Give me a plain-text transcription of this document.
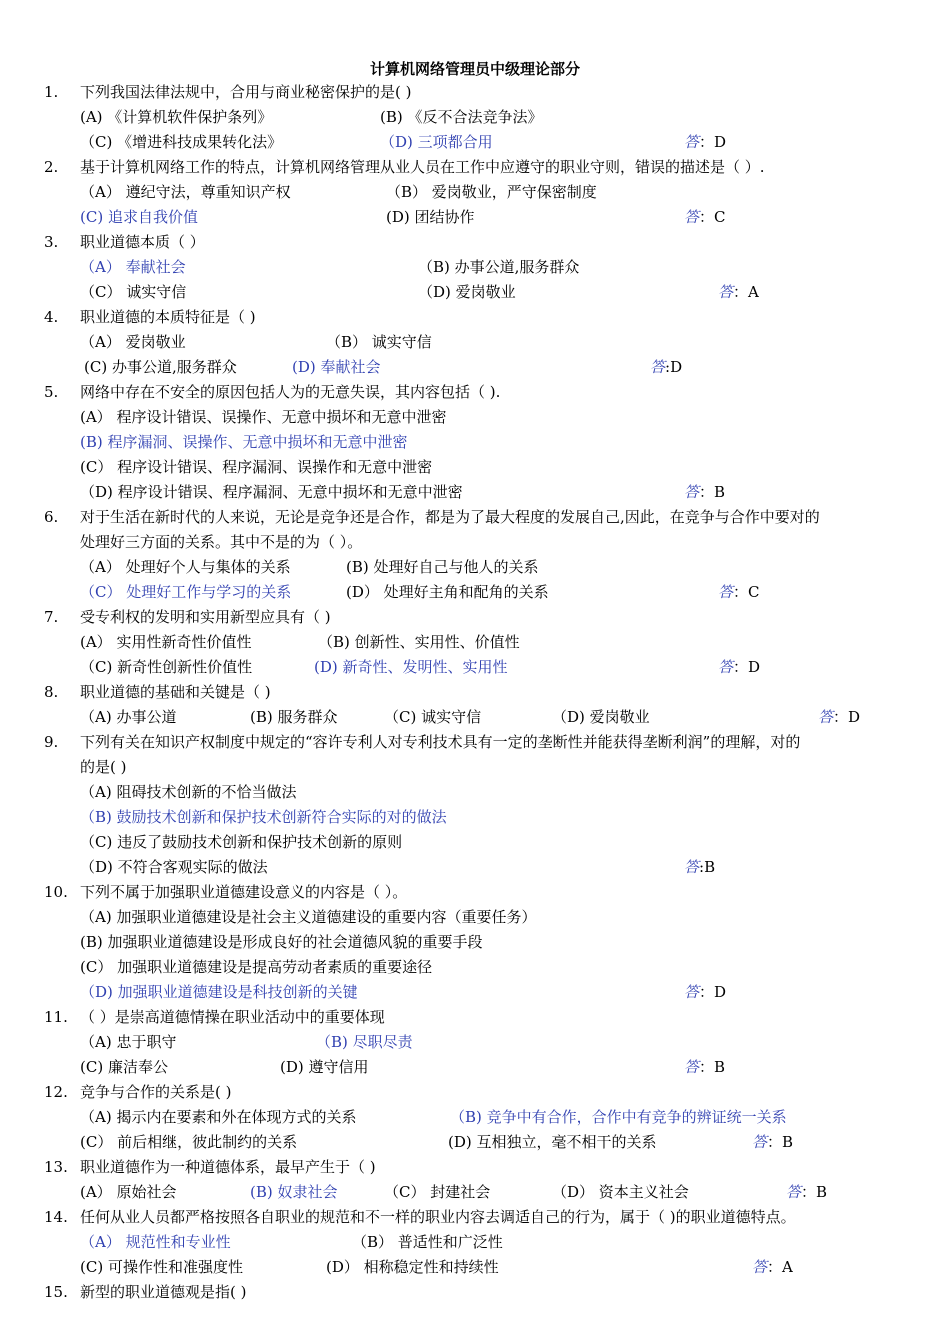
计算机网络管理员中级理论部分
1. 下列我国法律法规中，合用与商业秘密保护的是( )
(A) 《计算机软件保护条列》	(B) 《反不合法竞争法》
（C) 《增进科技成果转化法》	（D) 三项都合用	答：D
2. 基于计算机网络工作的特点，计算机网络管理从业人员在工作中应遵守的职业守则，错误的描述是（ ）.
（A） 遵纪守法，尊重知识产权	（B） 爱岗敬业，严守保密制度
(C) 追求自我价值	(D) 团结协作	答：C
3. 职业道德本质（ ）
（A） 奉献社会	（B) 办事公道,服务群众
（C） 诚实守信	（D) 爱岗敬业	答：A
4. 职业道德的本质特征是（ )
（A） 爱岗敬业	（B） 诚实守信
(C) 办事公道,服务群众	(D) 奉献社会	答:D
5. 网络中存在不安全的原因包括人为的无意失误，其内容包括（ ).
(A） 程序设计错误、误操作、无意中损坏和无意中泄密
(B) 程序漏洞、误操作、无意中损坏和无意中泄密
(C） 程序设计错误、程序漏洞、误操作和无意中泄密
（D) 程序设计错误、程序漏洞、无意中损坏和无意中泄密	答：B
6. 对于生活在新时代的人来说，无论是竞争还是合作，都是为了最大程度的发展自己,因此，在竞争与合作中要对的
处理好三方面的关系。其中不是的为（ ）。
（A） 处理好个人与集体的关系	(B) 处理好自己与他人的关系
（C） 处理好工作与学习的关系	(D） 处理好主角和配角的关系	答：C
7. 受专利权的发明和实用新型应具有（ )
(A） 实用性新奇性价值性	（B) 创新性、实用性、价值性
（C) 新奇性创新性价值性	(D) 新奇性、发明性、实用性	答：D
8. 职业道德的基础和关键是（ )
（A) 办事公道	(B) 服务群众	（C) 诚实守信	（D) 爱岗敬业	答：D
9. 下列有关在知识产权制度中规定的“容许专利人对专利技术具有一定的垄断性并能获得垄断利润”的理解，对的
的是( )
（A) 阻碍技术创新的不恰当做法
（B) 鼓励技术创新和保护技术创新符合实际的对的做法
（C) 违反了鼓励技术创新和保护技术创新的原则
（D) 不符合客观实际的做法	答:B
10. 下列不属于加强职业道德建设意义的内容是（ ）。
（A) 加强职业道德建设是社会主义道德建设的重要内容（重要任务）
(B) 加强职业道德建设是形成良好的社会道德风貌的重要手段
(C） 加强职业道德建设是提高劳动者素质的重要途径
（D) 加强职业道德建设是科技创新的关键	答：D
11. （ ）是崇高道德情操在职业活动中的重要体现
（A) 忠于职守	（B) 尽职尽责
(C) 廉洁奉公	(D) 遵守信用	答：B
12. 竞争与合作的关系是( )
（A) 揭示内在要素和外在体现方式的关系	（B) 竞争中有合作，合作中有竞争的辨证统一关系
(C） 前后相继，彼此制约的关系	(D) 互相独立，毫不相干的关系	答：B
13. 职业道德作为一种道德体系，最早产生于（ )
(A） 原始社会	(B) 奴隶社会	（C） 封建社会	（D） 资本主义社会	答：B
14. 任何从业人员都严格按照各自职业的规范和不一样的职业内容去调适自己的行为，属于（ )的职业道德特点。
（A） 规范性和专业性	（B） 普适性和广泛性
(C) 可操作性和准强度性	(D） 相称稳定性和持续性	答：A
15. 新型的职业道德观是指( )
